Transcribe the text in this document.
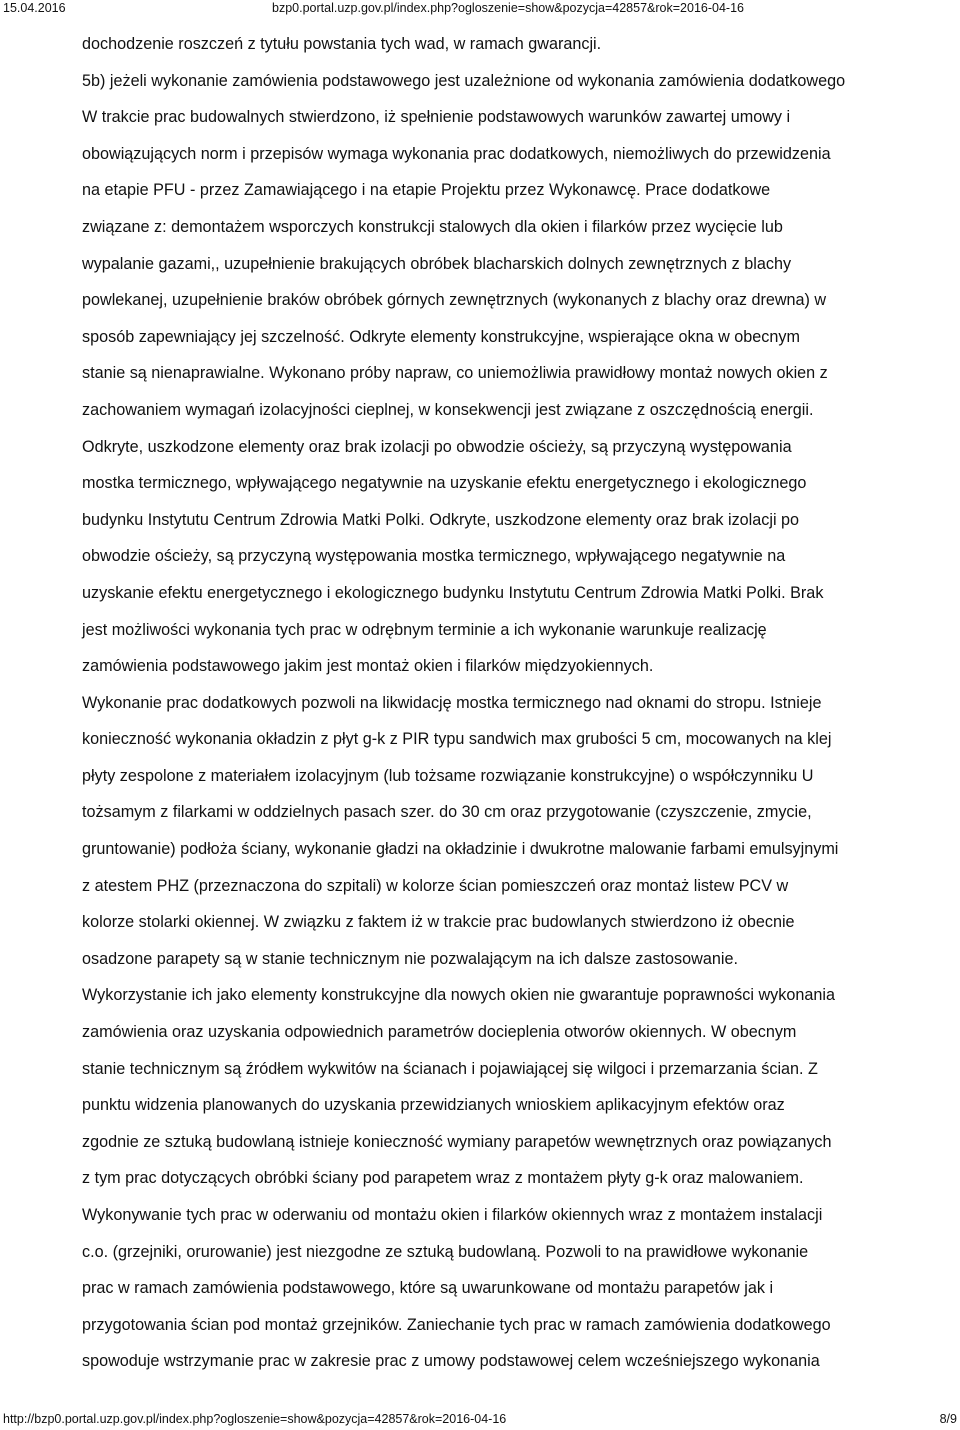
15.04.2016	bzp0.portal.uzp.gov.pl/index.php?ogloszenie=show&pozycja=42857&rok=2016-04-16
dochodzenie roszczeń z tytułu powstania tych wad, w ramach gwarancji.
5b) jeżeli wykonanie zamówienia podstawowego jest uzależnione od wykonania zamówienia dodatkowego
W trakcie prac budowalnych stwierdzono, iż spełnienie podstawowych warunków zawartej umowy i
obowiązujących norm i przepisów wymaga wykonania prac dodatkowych, niemożliwych do przewidzenia
na etapie PFU - przez Zamawiającego i na etapie Projektu przez Wykonawcę. Prace dodatkowe
związane z: demontażem wsporczych konstrukcji stalowych dla okien i filarków przez wycięcie lub
wypalanie gazami,, uzupełnienie brakujących obróbek blacharskich dolnych zewnętrznych z blachy
powlekanej, uzupełnienie braków obróbek górnych zewnętrznych (wykonanych z blachy oraz drewna) w
sposób zapewniający jej szczelność. Odkryte elementy konstrukcyjne, wspierające okna w obecnym
stanie są nienaprawialne. Wykonano próby napraw, co uniemożliwia prawidłowy montaż nowych okien z
zachowaniem wymagań izolacyjności cieplnej, w konsekwencji jest związane z oszczędnością energii.
Odkryte, uszkodzone elementy oraz brak izolacji po obwodzie ościeży, są przyczyną występowania
mostka termicznego, wpływającego negatywnie na uzyskanie efektu energetycznego i ekologicznego
budynku Instytutu Centrum Zdrowia Matki Polki. Odkryte, uszkodzone elementy oraz brak izolacji po
obwodzie ościeży, są przyczyną występowania mostka termicznego, wpływającego negatywnie na
uzyskanie efektu energetycznego i ekologicznego budynku Instytutu Centrum Zdrowia Matki Polki. Brak
jest możliwości wykonania tych prac w odrębnym terminie a ich wykonanie warunkuje realizację
zamówienia podstawowego jakim jest montaż okien i filarków międzyokiennych.
Wykonanie prac dodatkowych pozwoli na likwidację mostka termicznego nad oknami do stropu. Istnieje
konieczność wykonania okładzin z płyt g-k z PIR typu sandwich max grubości 5 cm, mocowanych na klej
płyty zespolone z materiałem izolacyjnym (lub tożsame rozwiązanie konstrukcyjne) o współczynniku U
tożsamym z filarkami w oddzielnych pasach szer. do 30 cm oraz przygotowanie (czyszczenie, zmycie,
gruntowanie) podłoża ściany, wykonanie gładzi na okładzinie i dwukrotne malowanie farbami emulsyjnymi
z atestem PHZ (przeznaczona do szpitali) w kolorze ścian pomieszczeń oraz montaż listew PCV w
kolorze stolarki okiennej. W związku z faktem iż w trakcie prac budowlanych stwierdzono iż obecnie
osadzone parapety są w stanie technicznym nie pozwalającym na ich dalsze zastosowanie.
Wykorzystanie ich jako elementy konstrukcyjne dla nowych okien nie gwarantuje poprawności wykonania
zamówienia oraz uzyskania odpowiednich parametrów docieplenia otworów okiennych. W obecnym
stanie technicznym są źródłem wykwitów na ścianach i pojawiającej się wilgoci i przemarzania ścian. Z
punktu widzenia planowanych do uzyskania przewidzianych wnioskiem aplikacyjnym efektów oraz
zgodnie ze sztuką budowlaną istnieje konieczność wymiany parapetów wewnętrznych oraz powiązanych
z tym prac dotyczących obróbki ściany pod parapetem wraz z montażem płyty g-k oraz malowaniem.
Wykonywanie tych prac w oderwaniu od montażu okien i filarków okiennych wraz z montażem instalacji
c.o. (grzejniki, orurowanie) jest niezgodne ze sztuką budowlaną. Pozwoli to na prawidłowe wykonanie
prac w ramach zamówienia podstawowego, które są uwarunkowane od montażu parapetów jak i
przygotowania ścian pod montaż grzejników. Zaniechanie tych prac w ramach zamówienia dodatkowego
spowoduje wstrzymanie prac w zakresie prac z umowy podstawowej celem wcześniejszego wykonania
http://bzp0.portal.uzp.gov.pl/index.php?ogloszenie=show&pozycja=42857&rok=2016-04-16	8/9
